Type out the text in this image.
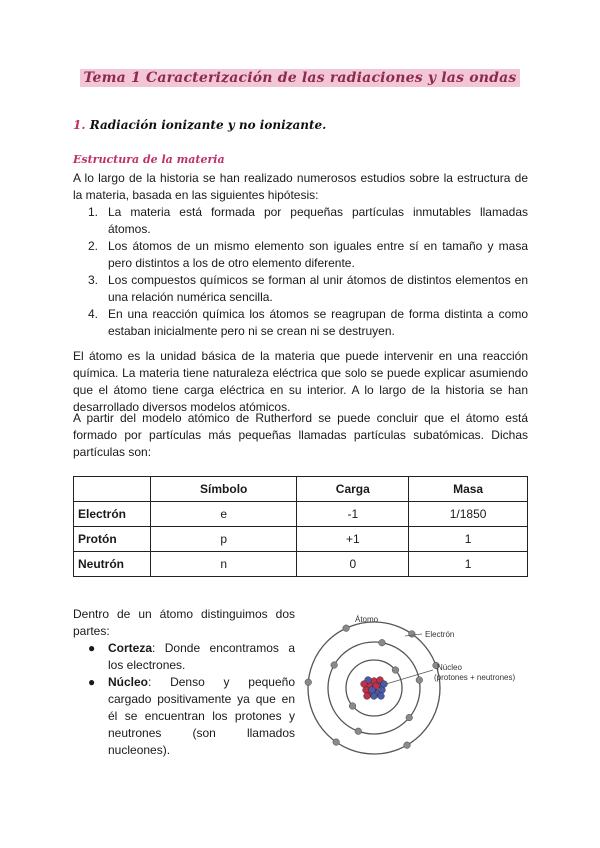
Tema 1 Caracterización de las radiaciones y las ondas
1. Radiación ionizante y no ionizante.
Estructura de la materia
A lo largo de la historia se han realizado numerosos estudios sobre la estructura de la materia, basada en las siguientes hipótesis:
1. La materia está formada por pequeñas partículas inmutables llamadas átomos.
2. Los átomos de un mismo elemento son iguales entre sí en tamaño y masa pero distintos a los de otro elemento diferente.
3. Los compuestos químicos se forman al unir átomos de distintos elementos en una relación numérica sencilla.
4. En una reacción química los átomos se reagrupan de forma distinta a como estaban inicialmente pero ni se crean ni se destruyen.
El átomo es la unidad básica de la materia que puede intervenir en una reacción química. La materia tiene naturaleza eléctrica que solo se puede explicar asumiendo que el átomo tiene carga eléctrica en su interior. A lo largo de la historia se han desarrollado diversos modelos atómicos.
A partir del modelo atómico de Rutherford se puede concluir que el átomo está formado por partículas más pequeñas llamadas partículas subatómicas. Dichas partículas son:
	Símbolo	Carga	Masa
Electrón	e	-1	1/1850
Protón	p	+1	1
Neutrón	n	0	1
Dentro de un átomo distinguimos dos partes:
● Corteza: Donde encontramos a los electrones.
● Núcleo: Denso y pequeño cargado positivamente ya que en él se encuentran los protones y neutrones (son llamados nucleones).
Átomo
Electrón
Núcleo
(protones + neutrones)
